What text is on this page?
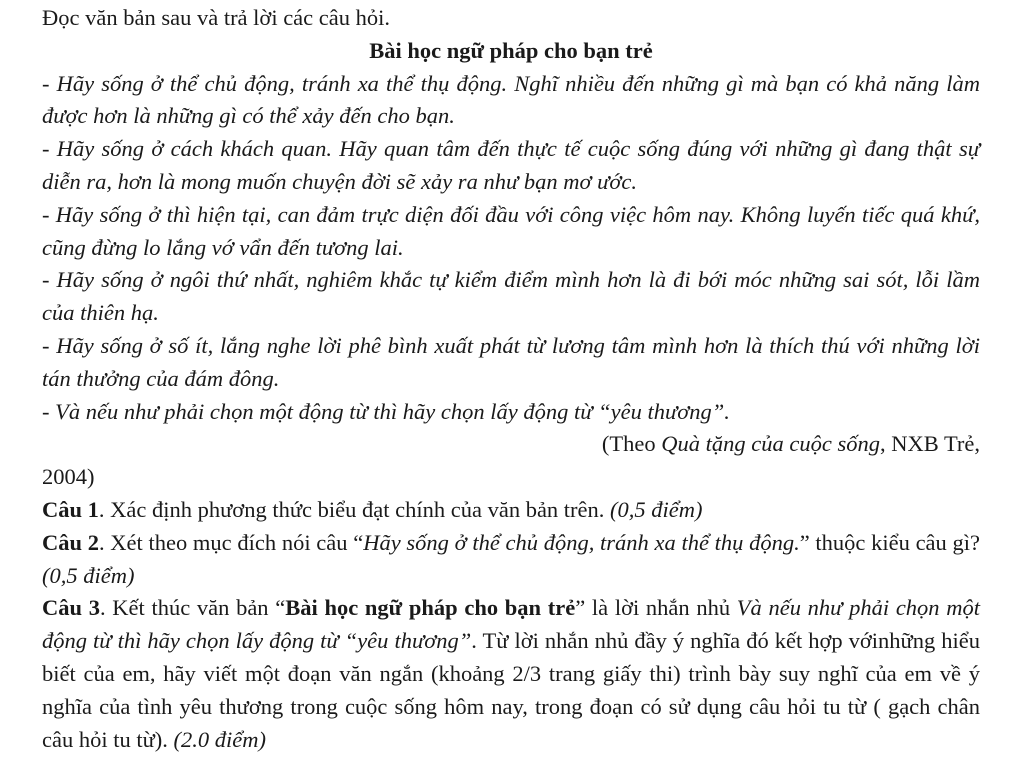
Đọc văn bản sau và trả lời các câu hỏi.

Bài học ngữ pháp cho bạn trẻ

- Hãy sống ở thể chủ động, tránh xa thể thụ động. Nghĩ nhiều đến những gì mà bạn có khả năng làm được hơn là những gì có thể xảy đến cho bạn.

- Hãy sống ở cách khách quan. Hãy quan tâm đến thực tế cuộc sống đúng với những gì đang thật sự diễn ra, hơn là mong muốn chuyện đời sẽ xảy ra như bạn mơ ước.

- Hãy sống ở thì hiện tại, can đảm trực diện đối đầu với công việc hôm nay. Không luyến tiếc quá khứ, cũng đừng lo lắng vớ vẩn đến tương lai.

- Hãy sống ở ngôi thứ nhất, nghiêm khắc tự kiểm điểm mình hơn là đi bới móc những sai sót, lỗi lầm của thiên hạ.

- Hãy sống ở số ít, lắng nghe lời phê bình xuất phát từ lương tâm mình hơn là thích thú với những lời tán thưởng của đám đông.

- Và nếu như phải chọn một động từ thì hãy chọn lấy động từ “yêu thương”.

(Theo Quà tặng của cuộc sống, NXB Trẻ,

2004)

Câu 1. Xác định phương thức biểu đạt chính của văn bản trên. (0,5 điểm)

Câu 2. Xét theo mục đích nói câu “Hãy sống ở thể chủ động, tránh xa thể thụ động.” thuộc kiểu câu gì? (0,5 điểm)

Câu 3. Kết thúc văn bản “Bài học ngữ pháp cho bạn trẻ” là lời nhắn nhủ Và nếu như phải chọn một động từ thì hãy chọn lấy động từ “yêu thương”. Từ lời nhắn nhủ đầy ý nghĩa đó kết hợp vớinhững hiểu biết của em, hãy viết một đoạn văn ngắn (khoảng 2/3 trang giấy thi) trình bày suy nghĩ của em về ý nghĩa của tình yêu thương trong cuộc sống hôm nay, trong đoạn có sử dụng câu hỏi tu từ ( gạch chân câu hỏi tu từ). (2.0 điểm)
